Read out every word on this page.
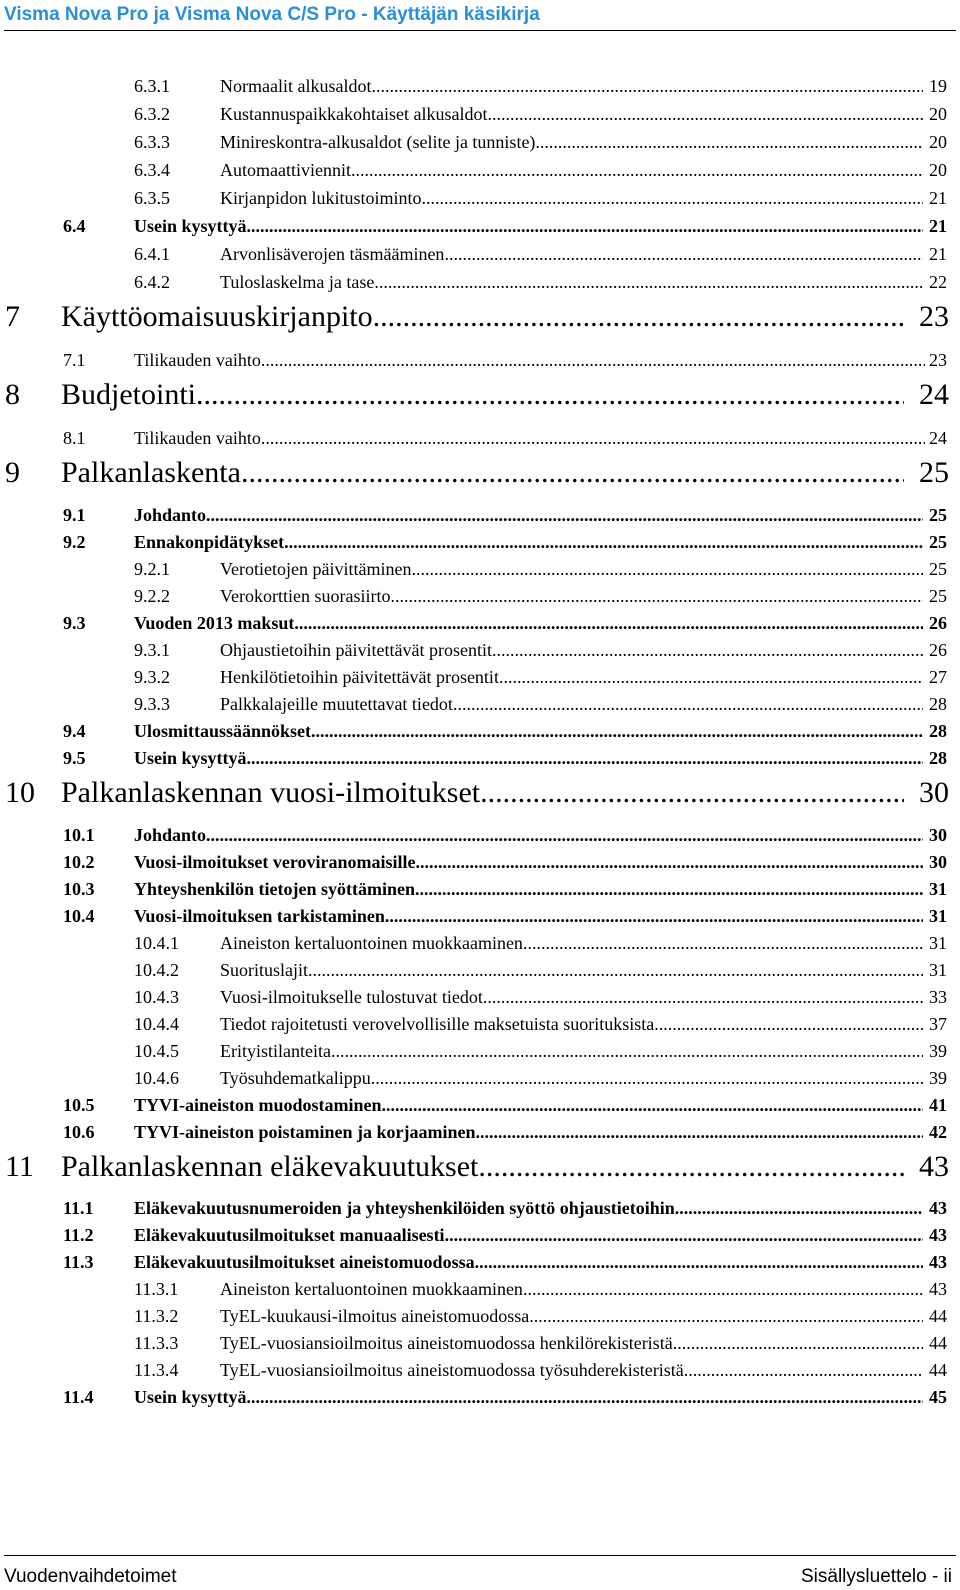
Visma Nova Pro ja Visma Nova C/S Pro - Käyttäjän käsikirja
6.3.1	Normaalit alkusaldot .....	19
6.3.2	Kustannuspaikkakohtaiset alkusaldot .....	20
6.3.3	Minireskontra-alkusaldot (selite ja tunniste) .....	20
6.3.4	Automaattiviennit .....	20
6.3.5	Kirjanpidon lukitustoiminto .....	21
6.4	Usein kysyttyä .....	21
6.4.1	Arvonlisäverojen täsmääminen .....	21
6.4.2	Tuloslaskelma ja tase .....	22
7	Käyttöomaisuuskirjanpito .....	23
7.1	Tilikauden vaihto .....	23
8	Budjetointi .....	24
8.1	Tilikauden vaihto .....	24
9	Palkanlaskenta .....	25
9.1	Johdanto .....	25
9.2	Ennakonpidätykset .....	25
9.2.1	Verotietojen päivittäminen .....	25
9.2.2	Verokorttien suorasiirto .....	25
9.3	Vuoden 2013 maksut .....	26
9.3.1	Ohjaustietoihin päivitettävät prosentit .....	26
9.3.2	Henkilötietoihin päivitettävät prosentit .....	27
9.3.3	Palkkalajeille muutettavat tiedot .....	28
9.4	Ulosmittaussäännökset .....	28
9.5	Usein kysyttyä .....	28
10 Palkanlaskennan vuosi-ilmoitukset .....	30
10.1	Johdanto .....	30
10.2	Vuosi-ilmoitukset veroviranomaisille .....	30
10.3	Yhteyshenkilön tietojen syöttäminen .....	31
10.4	Vuosi-ilmoituksen tarkistaminen .....	31
10.4.1	Aineiston kertaluontoinen muokkaaminen .....	31
10.4.2	Suorituslajit .....	31
10.4.3	Vuosi-ilmoitukselle tulostuvat tiedot .....	33
10.4.4	Tiedot rajoitetusti verovelvollisille maksetuista suorituksista .....	37
10.4.5	Erityistilanteita .....	39
10.4.6	Työsuhdematkalippu .....	39
10.5	TYVI-aineiston muodostaminen .....	41
10.6	TYVI-aineiston poistaminen ja korjaaminen .....	42
11 Palkanlaskennan eläkevakuutukset .....	43
11.1	Eläkevakuutusnumeroiden ja yhteyshenkilöiden syöttö ohjaustietoihin .....	43
11.2	Eläkevakuutusilmoitukset manuaalisesti .....	43
11.3	Eläkevakuutusilmoitukset aineistomuodossa .....	43
11.3.1	Aineiston kertaluontoinen muokkaaminen .....	43
11.3.2	TyEL-kuukausi-ilmoitus aineistomuodossa .....	44
11.3.3	TyEL-vuosiansioilmoitus aineistomuodossa henkilörekisteristä .....	44
11.3.4	TyEL-vuosiansioilmoitus aineistomuodossa työsuhderekisteristä .....	44
11.4	Usein kysyttyä .....	45
Vuodenvaihdetoimet	Sisällysluettelo - ii
